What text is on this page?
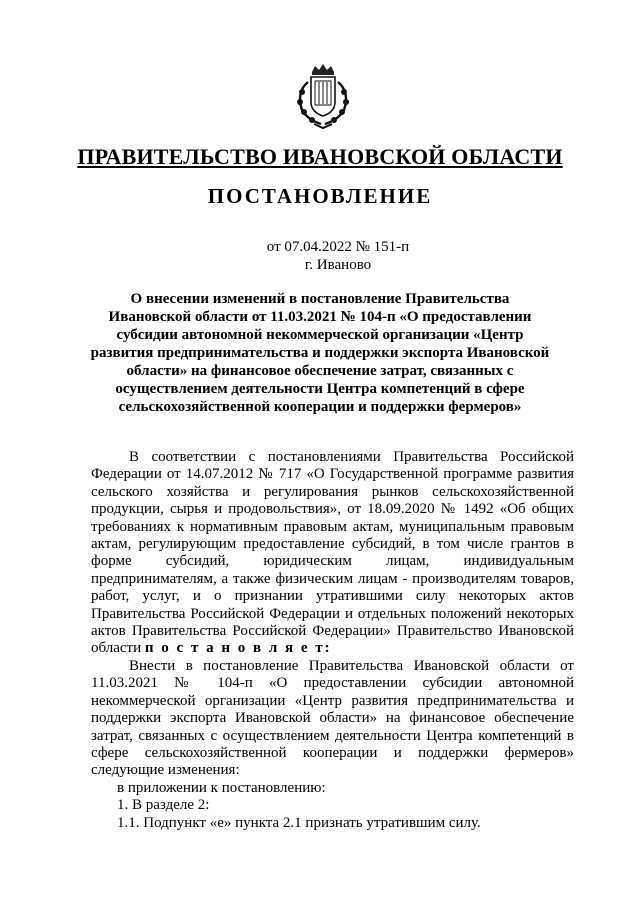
ПРАВИТЕЛЬСТВО ИВАНОВСКОЙ ОБЛАСТИ
ПОСТАНОВЛЕНИЕ
от 07.04.2022 № 151-п
г. Иваново
О внесении изменений в постановление Правительства Ивановской области от 11.03.2021 № 104-п «О предоставлении субсидии автономной некоммерческой организации «Центр развития предпринимательства и поддержки экспорта Ивановской области» на финансовое обеспечение затрат, связанных с осуществлением деятельности Центра компетенций в сфере сельскохозяйственной кооперации и поддержки фермеров»

В соответствии с постановлениями Правительства Российской Федерации от 14.07.2012 № 717 «О Государственной программе развития сельского хозяйства и регулирования рынков сельскохозяйственной продукции, сырья и продовольствия», от 18.09.2020 № 1492 «Об общих требованиях к нормативным правовым актам, муниципальным правовым актам, регулирующим предоставление субсидий, в том числе грантов в форме субсидий, юридическим лицам, индивидуальным предпринимателям, а также физическим лицам - производителям товаров, работ, услуг, и о признании утратившими силу некоторых актов Правительства Российской Федерации и отдельных положений некоторых актов Правительства Российской Федерации» Правительство Ивановской области п о с т а н о в л я е т:

Внести в постановление Правительства Ивановской области от 11.03.2021 № 104-п «О предоставлении субсидии автономной некоммерческой организации «Центр развития предпринимательства и поддержки экспорта Ивановской области» на финансовое обеспечение затрат, связанных с осуществлением деятельности Центра компетенций в сфере сельскохозяйственной кооперации и поддержки фермеров» следующие изменения:

в приложении к постановлению:

1. В разделе 2:

1.1. Подпункт «е» пункта 2.1 признать утратившим силу.
